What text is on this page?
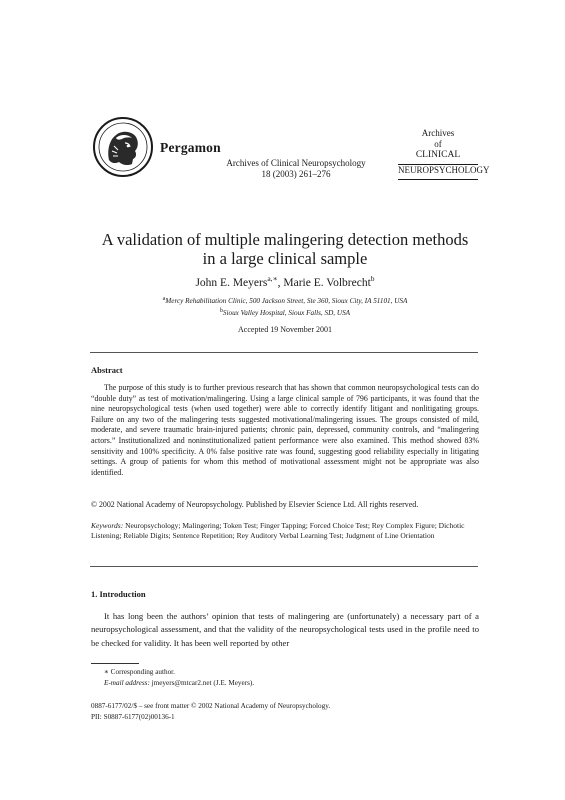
Pergamon
Archives of Clinical Neuropsychology
18 (2003) 261–276
Archives
of
CLINICAL
NEUROPSYCHOLOGY
A validation of multiple malingering detection methods
in a large clinical sample
John E. Meyers$^{a,∗}$, Marie E. Volbrecht$^b$
$^a$Mercy Rehabilitation Clinic, 500 Jackson Street, Ste 360, Sioux City, IA 51101, USA
$^b$Sioux Valley Hospital, Sioux Falls, SD, USA
Accepted 19 November 2001
Abstract
The purpose of this study is to further previous research that has shown that common neuropsychological tests can do “double duty” as test of motivation/malingering. Using a large clinical sample of 796 participants, it was found that the nine neuropsychological tests (when used together) were able to correctly identify litigant and nonlitigating groups. Failure on any two of the malingering tests suggested motivational/malingering issues. The groups consisted of mild, moderate, and severe traumatic brain-injured patients; chronic pain, depressed, community controls, and “malingering actors.” Institutionalized and noninstitutionalized patient performance were also examined. This method showed 83% sensitivity and 100% specificity. A 0% false positive rate was found, suggesting good reliability especially in litigating settings. A group of patients for whom this method of motivational assessment might not be appropriate was also identified.
© 2002 National Academy of Neuropsychology. Published by Elsevier Science Ltd. All rights reserved.
Keywords: Neuropsychology; Malingering; Token Test; Finger Tapping; Forced Choice Test; Rey Complex Figure; Dichotic Listening; Reliable Digits; Sentence Repetition; Rey Auditory Verbal Learning Test; Judgment of Line Orientation
1. Introduction
It has long been the authors’ opinion that tests of malingering are (unfortunately) a necessary part of a neuropsychological assessment, and that the validity of the neuropsychological tests used in the profile need to be checked for validity. It has been well reported by other
∗ Corresponding author.
E-mail address: jmeyers@mtcar2.net (J.E. Meyers).
0887-6177/02/$ – see front matter © 2002 National Academy of Neuropsychology.
PII: S0887-6177(02)00136-1
